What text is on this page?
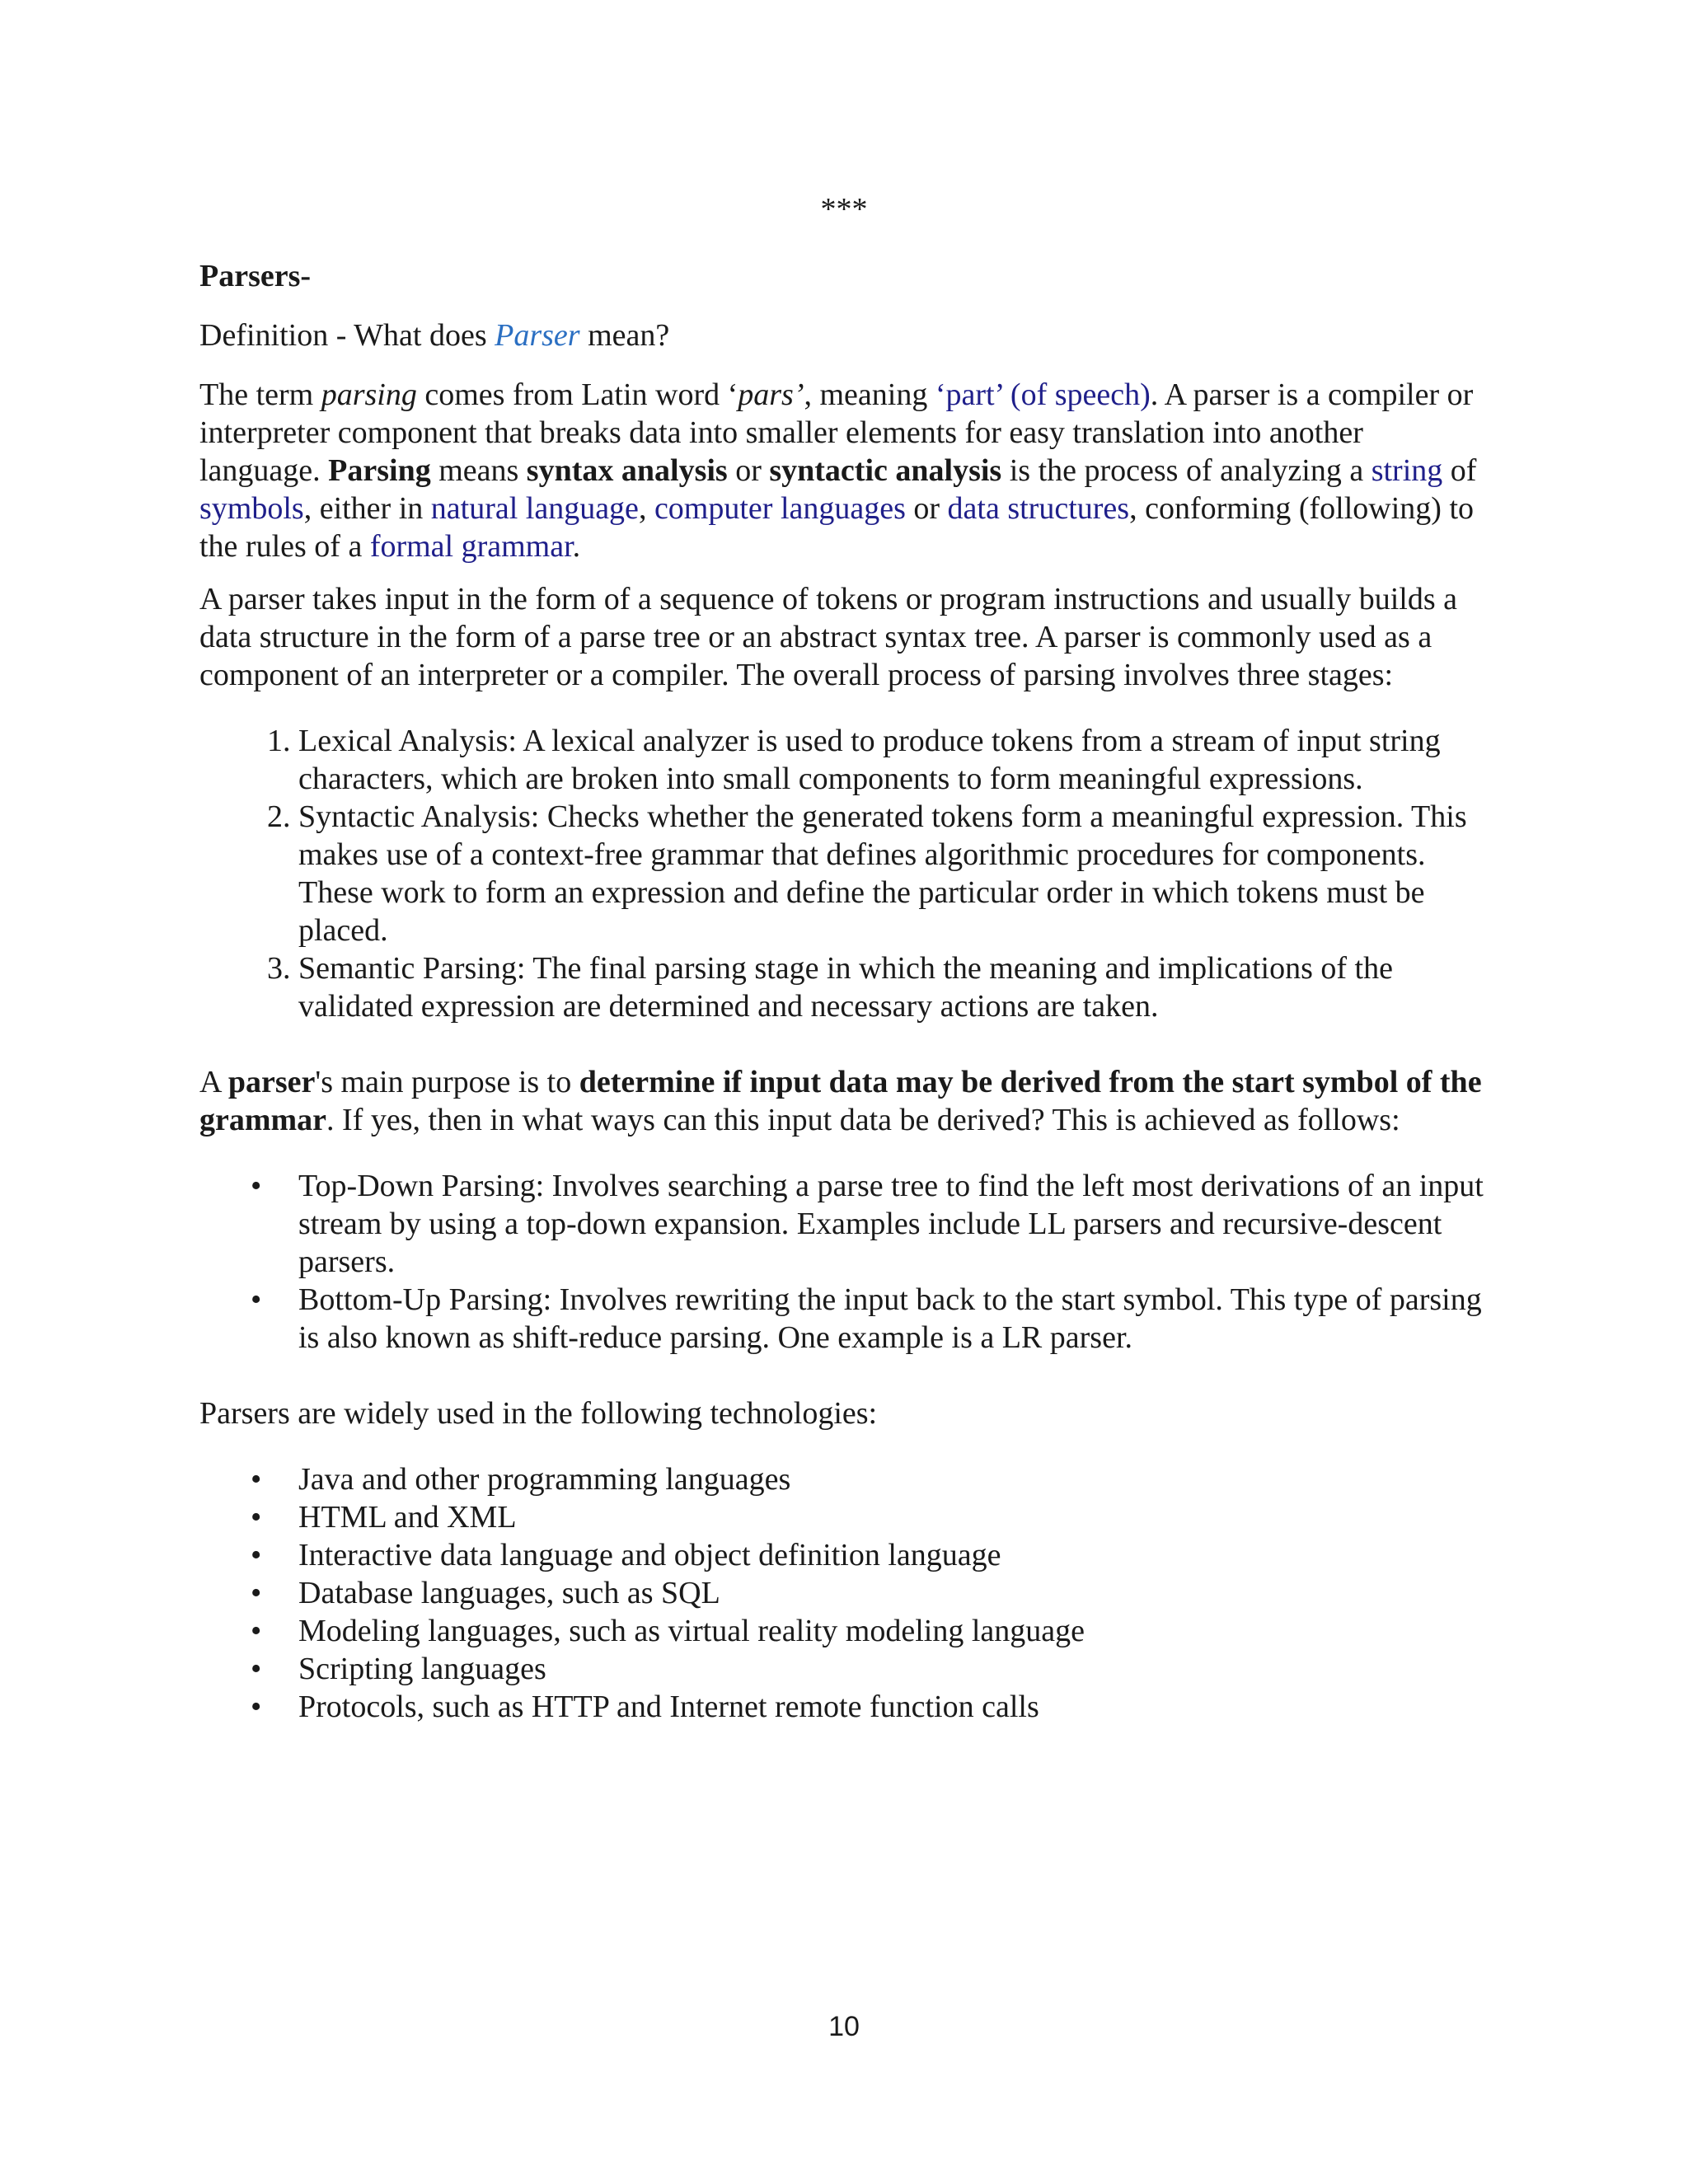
***
Parsers-

Definition - What does Parser mean?

The term parsing comes from Latin word ‘pars’, meaning ‘part’ (of speech). A parser is a compiler or interpreter component that breaks data into smaller elements for easy translation into another language. Parsing means syntax analysis or syntactic analysis is the process of analyzing a string of symbols, either in natural language, computer languages or data structures, conforming (following) to the rules of a formal grammar.

A parser takes input in the form of a sequence of tokens or program instructions and usually builds a data structure in the form of a parse tree or an abstract syntax tree. A parser is commonly used as a component of an interpreter or a compiler. The overall process of parsing involves three stages:

1. Lexical Analysis: A lexical analyzer is used to produce tokens from a stream of input string characters, which are broken into small components to form meaningful expressions.
2. Syntactic Analysis: Checks whether the generated tokens form a meaningful expression. This makes use of a context-free grammar that defines algorithmic procedures for components. These work to form an expression and define the particular order in which tokens must be placed.
3. Semantic Parsing: The final parsing stage in which the meaning and implications of the validated expression are determined and necessary actions are taken.

A parser's main purpose is to determine if input data may be derived from the start symbol of the grammar. If yes, then in what ways can this input data be derived? This is achieved as follows:

• Top-Down Parsing: Involves searching a parse tree to find the left most derivations of an input stream by using a top-down expansion. Examples include LL parsers and recursive-descent parsers.
• Bottom-Up Parsing: Involves rewriting the input back to the start symbol. This type of parsing is also known as shift-reduce parsing. One example is a LR parser.

Parsers are widely used in the following technologies:

• Java and other programming languages
• HTML and XML
• Interactive data language and object definition language
• Database languages, such as SQL
• Modeling languages, such as virtual reality modeling language
• Scripting languages
• Protocols, such as HTTP and Internet remote function calls
10
